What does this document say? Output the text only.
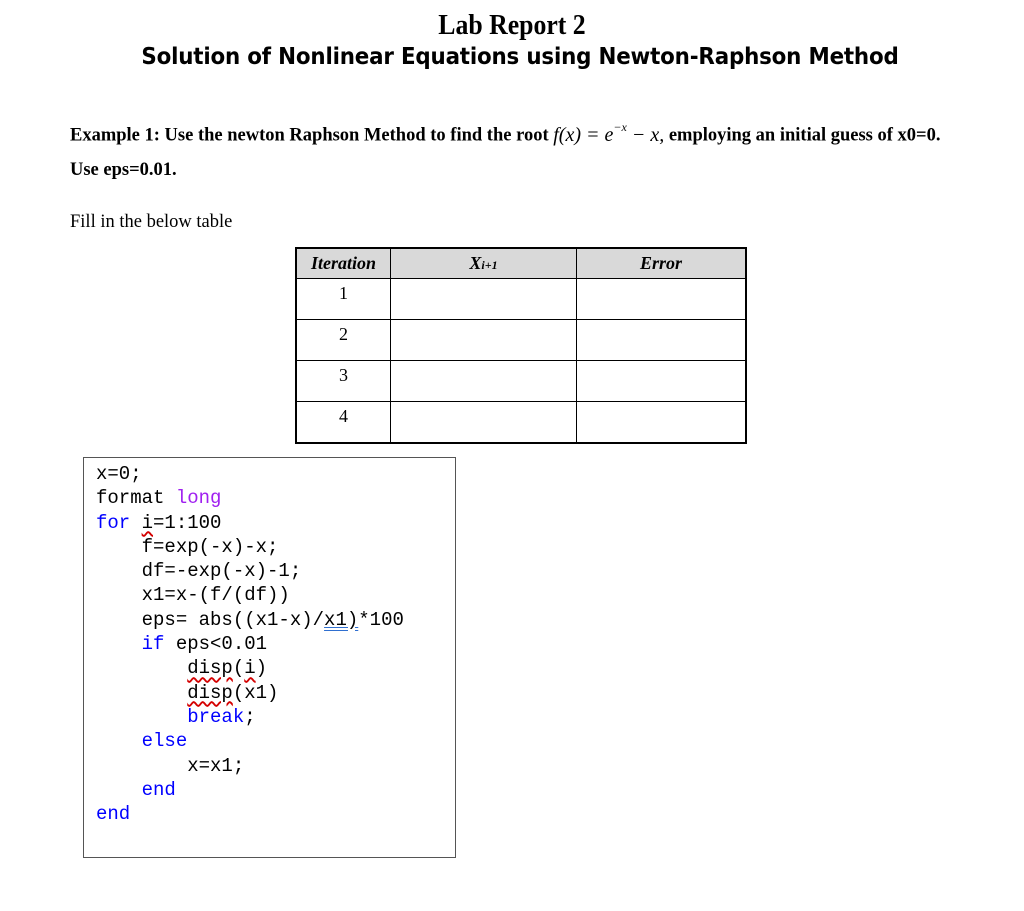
Lab Report 2
Solution of Nonlinear Equations using Newton-Raphson Method
Example 1: Use the newton Raphson Method to find the root $f(x) = e^{-x} - x$, employing an initial guess of x0=0. Use eps=0.01.
Fill in the below table
Iteration	Xi+1	Error
1		
2		
3		
4		
x=0;
format long
for i=1:100
f=exp(-x)-x;
df=-exp(-x)-1;
x1=x-(f/(df))
eps= abs((x1-x)/x1)*100
if eps<0.01
disp(i)
disp(x1)
break;
else
x=x1;
end
end
